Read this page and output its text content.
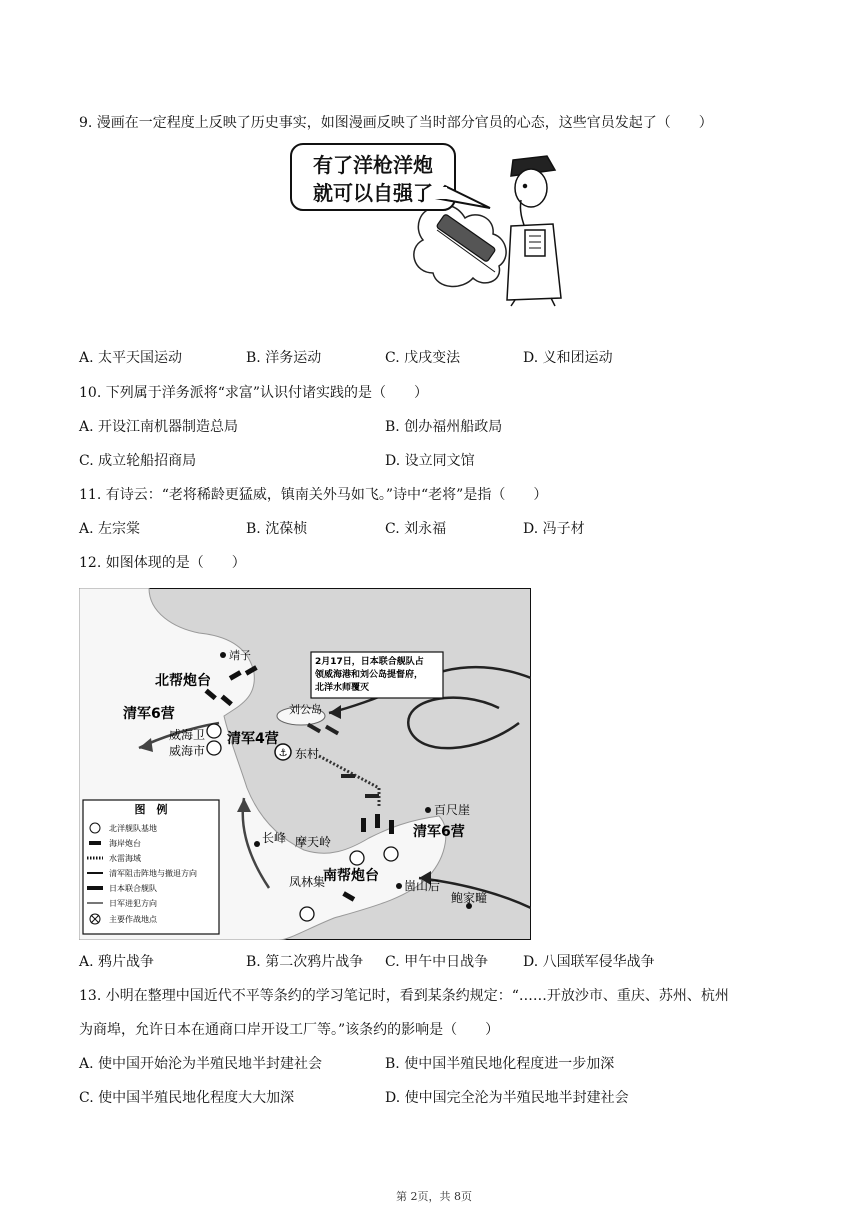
9. 漫画在一定程度上反映了历史事实，如图漫画反映了当时部分官员的心态，这些官员发起了（　　）
有了洋枪洋炮
就可以自强了
A. 太平天国运动	B. 洋务运动	C. 戊戌变法	D. 义和团运动
10. 下列属于洋务派将“求富”认识付诸实践的是（　　）
A. 开设江南机器制造总局	B. 创办福州船政局
C. 成立轮船招商局	D. 设立同文馆
11. 有诗云：“老将稀龄更猛威，镇南关外马如飞。”诗中“老将”是指（　　）
A. 左宗棠	B. 沈葆桢	C. 刘永福	D. 冯子材
12. 如图体现的是（　　）
2月17日，日本联合舰队占
领威海港和刘公岛提督府，
北洋水师覆灭
⚓
靖子
北帮炮台
清军6营
威海卫
威海市
清军4营
刘公岛
东村
百尺崖
清军6营
长峰 摩天岭
凤林集
南帮炮台
崮山后
鲍家疃
图　例
北洋舰队基地
海岸炮台
水雷海域
清军阻击阵地与撤退方向
日本联合舰队
日军进犯方向
主要作战地点
A. 鸦片战争	B. 第二次鸦片战争 C. 甲午中日战争 D. 八国联军侵华战争
13. 小明在整理中国近代不平等条约的学习笔记时，看到某条约规定：“……开放沙市、重庆、苏州、杭州
为商埠，允许日本在通商口岸开设工厂等。”该条约的影响是（　　）
A. 使中国开始沦为半殖民地半封建社会	B. 使中国半殖民地化程度进一步加深
C. 使中国半殖民地化程度大大加深	D. 使中国完全沦为半殖民地半封建社会
第 2页，共 8页
